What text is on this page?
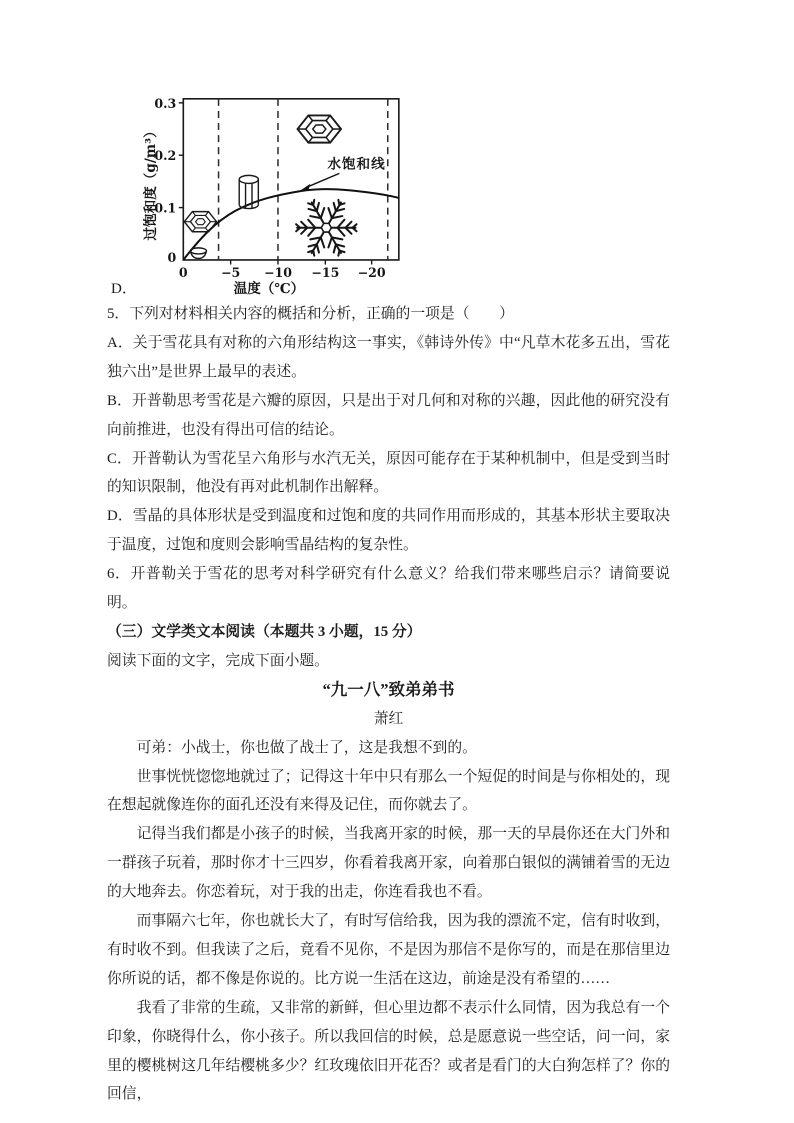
D．
水饱和线
0.3
0.2
0.1
0
0	−5 −10 −15 −20
温度（℃）
过饱和度（g/m³）

5．下列对材料相关内容的概括和分析，正确的一项是（　　）

A．关于雪花具有对称的六角形结构这一事实，《韩诗外传》中“凡草木花多五出，雪花独六出”是世界上最早的表述。

B．开普勒思考雪花是六瓣的原因，只是出于对几何和对称的兴趣，因此他的研究没有向前推进，也没有得出可信的结论。

C．开普勒认为雪花呈六角形与水汽无关，原因可能存在于某种机制中，但是受到当时的知识限制，他没有再对此机制作出解释。

D．雪晶的具体形状是受到温度和过饱和度的共同作用而形成的，其基本形状主要取决于温度，过饱和度则会影响雪晶结构的复杂性。

6．开普勒关于雪花的思考对科学研究有什么意义？给我们带来哪些启示？请简要说明。

（三）文学类文本阅读（本题共 3 小题，15 分）

阅读下面的文字，完成下面小题。

“九一八”致弟弟书

萧红

可弟：小战士，你也做了战士了，这是我想不到的。

世事恍恍惚惚地就过了；记得这十年中只有那么一个短促的时间是与你相处的，现在想起就像连你的面孔还没有来得及记住，而你就去了。

记得当我们都是小孩子的时候，当我离开家的时候，那一天的早晨你还在大门外和一群孩子玩着，那时你才十三四岁，你看着我离开家，向着那白银似的满铺着雪的无边的大地奔去。你恋着玩，对于我的出走，你连看我也不看。

而事隔六七年，你也就长大了，有时写信给我，因为我的漂流不定，信有时收到，有时收不到。但我读了之后，竟看不见你，不是因为那信不是你写的，而是在那信里边你所说的话，都不像是你说的。比方说一生活在这边，前途是没有希望的……

我看了非常的生疏，又非常的新鲜，但心里边都不表示什么同情，因为我总有一个印象，你晓得什么，你小孩子。所以我回信的时候，总是愿意说一些空话，问一问，家里的樱桃树这几年结樱桃多少？红玫瑰依旧开花否？或者是看门的大白狗怎样了？你的回信，
